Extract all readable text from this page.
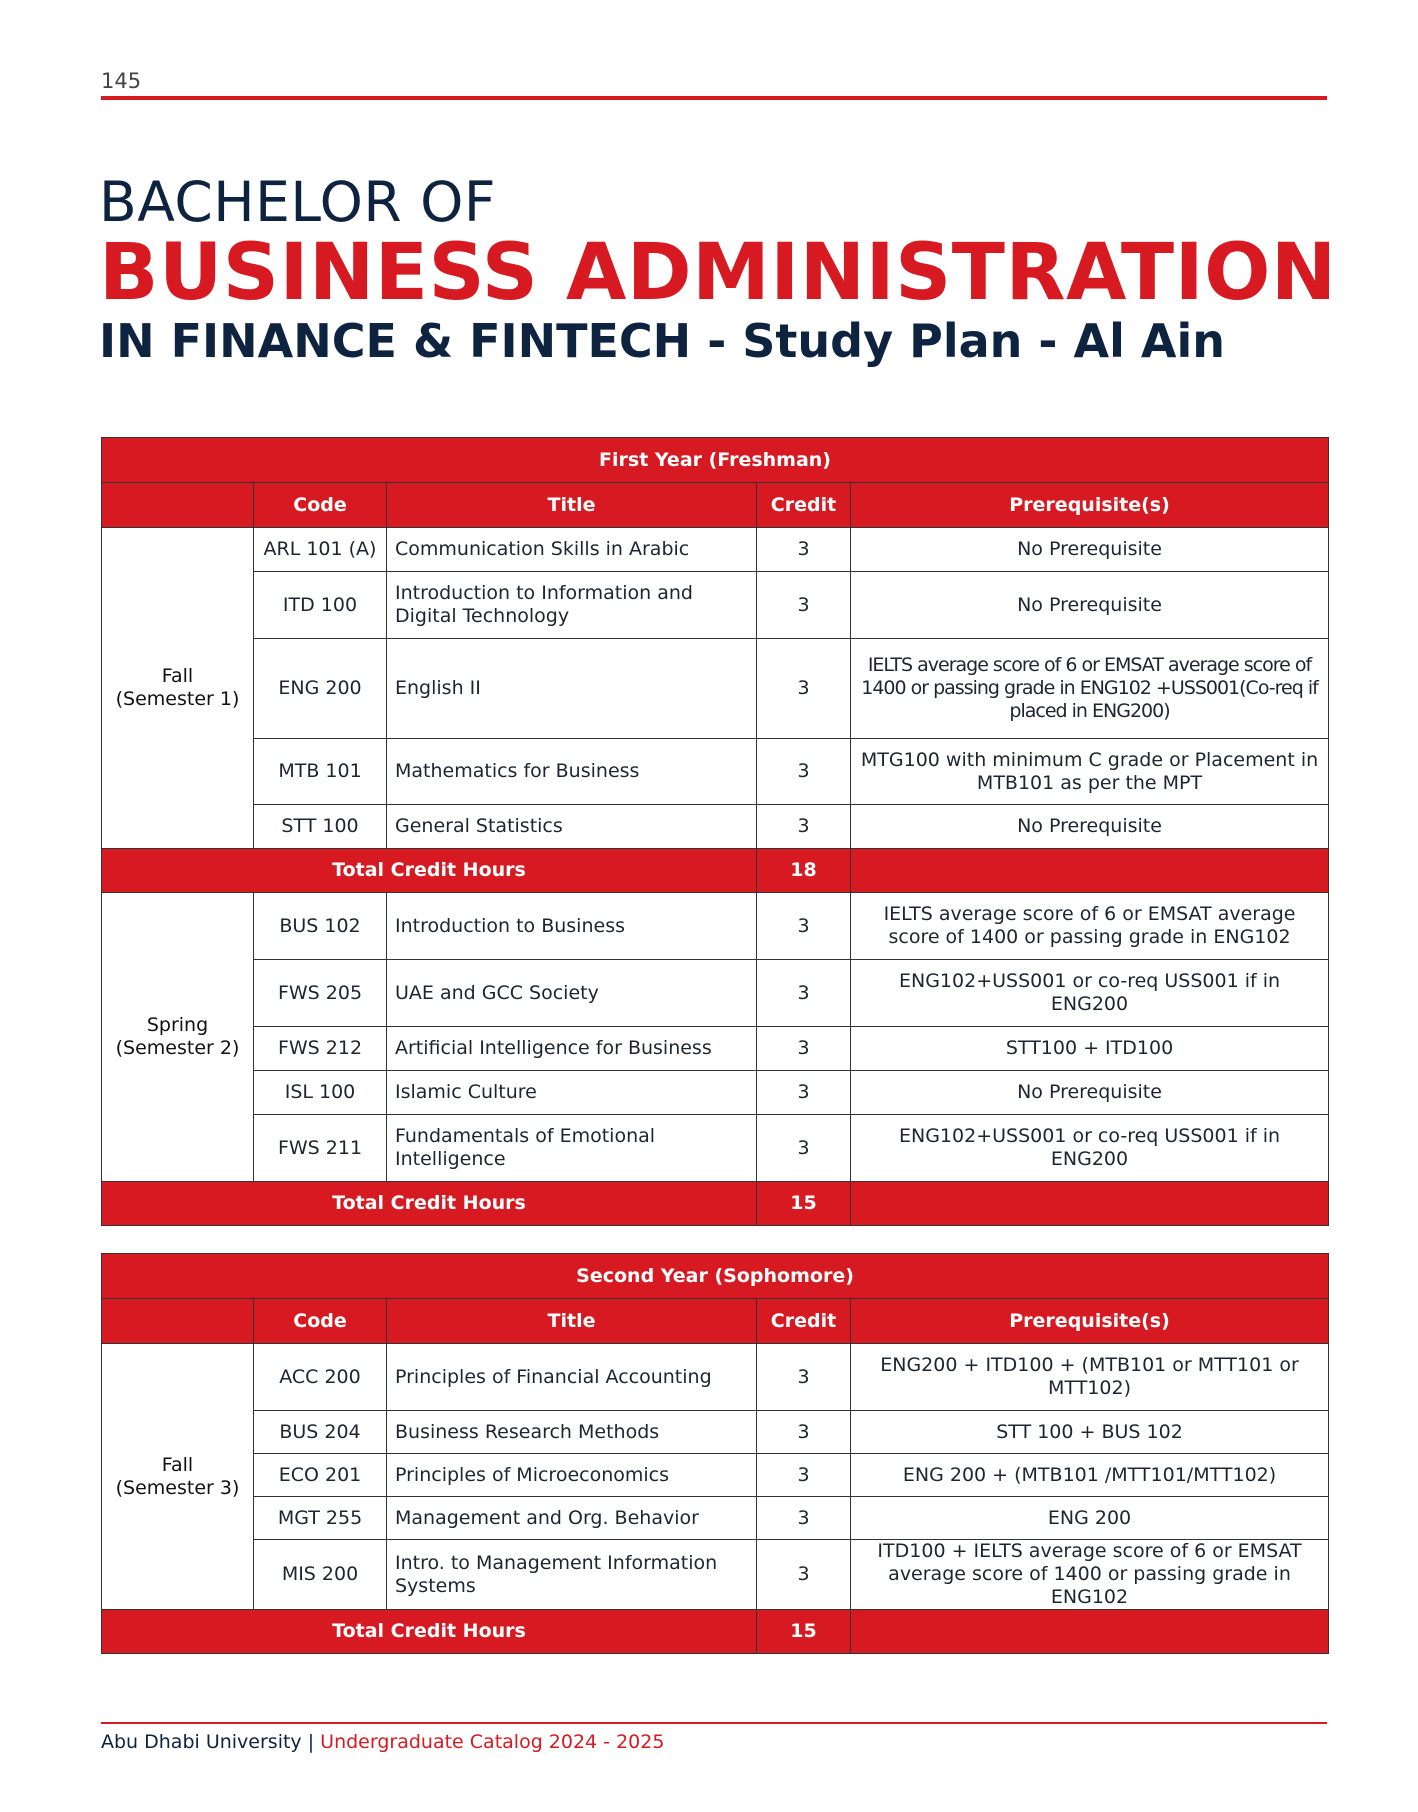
145
BACHELOR OF
BUSINESS ADMINISTRATION
IN FINANCE & FINTECH - Study Plan - Al Ain
First Year (Freshman)				
	Code	Title	Credit	Prerequisite(s)

Fall
(Semester 1)	ARL 101 (A)	Communication Skills in Arabic	3	No Prerequisite
	ITD 100	Introduction to Information and Digital Technology	3	No Prerequisite
	ENG 200	English II	3	IELTS average score of 6 or EMSAT average score of 1400 or passing grade in ENG102 +USS001(Co-req if placed in ENG200)
	MTB 101	Mathematics for Business	3	MTG100 with minimum C grade or Placement in MTB101 as per the MPT
	STT 100	General Statistics	3	No Prerequisite
Total Credit Hours			18	

Spring
(Semester 2)	BUS 102	Introduction to Business	3	IELTS average score of 6 or EMSAT average score of 1400 or passing grade in ENG102
	FWS 205	UAE and GCC Society	3	ENG102+USS001 or co-req USS001 if in ENG200
	FWS 212	Artificial Intelligence for Business	3	STT100 + ITD100
	ISL 100	Islamic Culture	3	No Prerequisite
	FWS 211	Fundamentals of Emotional Intelligence	3	ENG102+USS001 or co-req USS001 if in ENG200
Total Credit Hours			15	
Second Year (Sophomore)				
	Code	Title	Credit	Prerequisite(s)

Fall
(Semester 3)	ACC 200	Principles of Financial Accounting	3	ENG200 + ITD100 + (MTB101 or MTT101 or MTT102)
	BUS 204	Business Research Methods	3	STT 100 + BUS 102
	ECO 201	Principles of Microeconomics	3	ENG 200 + (MTB101 /MTT101/MTT102)
	MGT 255	Management and Org. Behavior	3	ENG 200
	MIS 200	Intro. to Management Information Systems	3	ITD100 + IELTS average score of 6 or EMSAT average score of 1400 or passing grade in ENG102
Total Credit Hours			15	
Abu Dhabi University | Undergraduate Catalog 2024 - 2025
